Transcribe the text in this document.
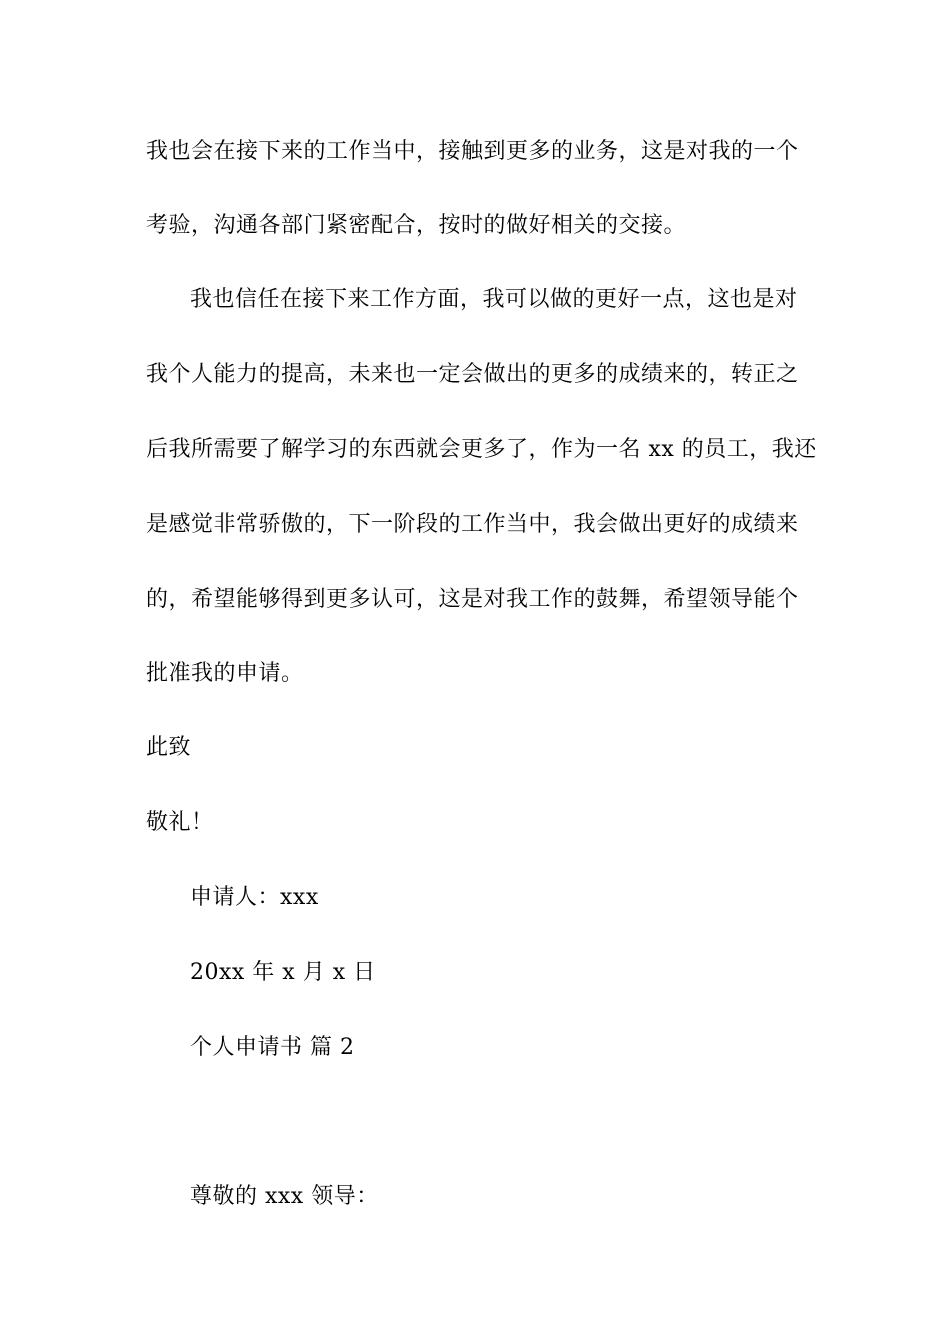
我也会在接下来的工作当中，接触到更多的业务，这是对我的一个
考验，沟通各部门紧密配合，按时的做好相关的交接。
我也信任在接下来工作方面，我可以做的更好一点，这也是对
我个人能力的提高，未来也一定会做出的更多的成绩来的，转正之
后我所需要了解学习的东西就会更多了，作为一名 xx 的员工，我还
是感觉非常骄傲的，下一阶段的工作当中，我会做出更好的成绩来
的，希望能够得到更多认可，这是对我工作的鼓舞，希望领导能个
批准我的申请。
此致
敬礼！
申请人：xxx
20xx 年 x 月 x 日
个人申请书 篇 2
尊敬的 xxx 领导：
